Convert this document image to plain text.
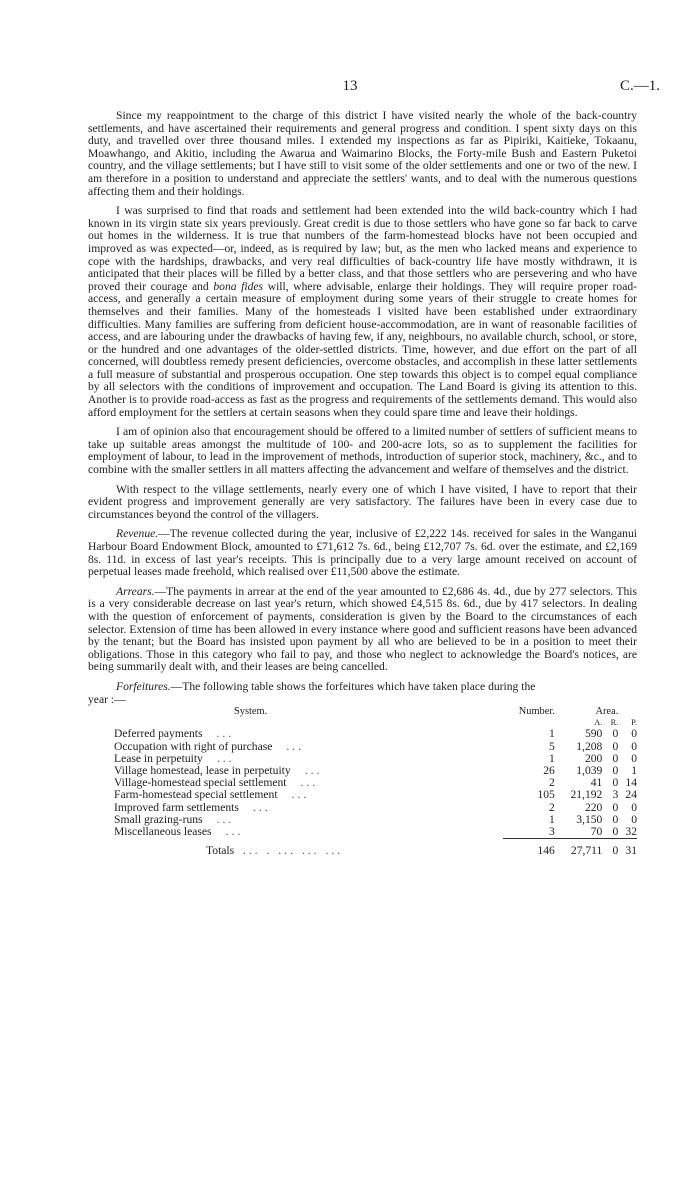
13	C.—1.

Since my reappointment to the charge of this district I have visited nearly the whole of the back-country settlements, and have ascertained their requirements and general progress and condition. I spent sixty days on this duty, and travelled over three thousand miles. I extended my inspections as far as Pipiriki, Kaitieke, Tokaanu, Moawhango, and Akitio, including the Awarua and Waimarino Blocks, the Forty-mile Bush and Eastern Puketoi country, and the village settlements; but I have still to visit some of the older settlements and one or two of the new. I am therefore in a position to understand and appreciate the settlers' wants, and to deal with the numerous questions affecting them and their holdings.

I was surprised to find that roads and settlement had been extended into the wild back-country which I had known in its virgin state six years previously. Great credit is due to those settlers who have gone so far back to carve out homes in the wilderness. It is true that numbers of the farm-homestead blocks have not been occupied and improved as was expected—or, indeed, as is required by law; but, as the men who lacked means and experience to cope with the hardships, drawbacks, and very real difficulties of back-country life have mostly withdrawn, it is anticipated that their places will be filled by a better class, and that those settlers who are persevering and who have proved their courage and bona fides will, where advisable, enlarge their holdings. They will require proper road-access, and generally a certain measure of employment during some years of their struggle to create homes for themselves and their families. Many of the homesteads I visited have been established under extraordinary difficulties. Many families are suffering from deficient house-accommodation, are in want of reasonable facilities of access, and are labouring under the drawbacks of having few, if any, neighbours, no available church, school, or store, or the hundred and one advantages of the older-settled districts. Time, however, and due effort on the part of all concerned, will doubtless remedy present deficiencies, overcome obstacles, and accomplish in these latter settlements a full measure of substantial and prosperous occupation. One step towards this object is to compel equal compliance by all selectors with the conditions of improvement and occupation. The Land Board is giving its attention to this. Another is to provide road-access as fast as the progress and requirements of the settlements demand. This would also afford employment for the settlers at certain seasons when they could spare time and leave their holdings.

I am of opinion also that encouragement should be offered to a limited number of settlers of sufficient means to take up suitable areas amongst the multitude of 100- and 200-acre lots, so as to supplement the facilities for employment of labour, to lead in the improvement of methods, introduction of superior stock, machinery, &c., and to combine with the smaller settlers in all matters affecting the advancement and welfare of themselves and the district.

With respect to the village settlements, nearly every one of which I have visited, I have to report that their evident progress and improvement generally are very satisfactory. The failures have been in every case due to circumstances beyond the control of the villagers.

Revenue.—The revenue collected during the year, inclusive of £2,222 14s. received for sales in the Wanganui Harbour Board Endowment Block, amounted to £71,612 7s. 6d., being £12,707 7s. 6d. over the estimate, and £2,169 8s. 11d. in excess of last year's receipts. This is principally due to a very large amount received on account of perpetual leases made freehold, which realised over £11,500 above the estimate.

Arrears.—The payments in arrear at the end of the year amounted to £2,686 4s. 4d., due by 277 selectors. This is a very considerable decrease on last year's return, which showed £4,515 8s. 6d., due by 417 selectors. In dealing with the question of enforcement of payments, consideration is given by the Board to the circumstances of each selector. Extension of time has been allowed in every instance where good and sufficient reasons have been advanced by the tenant; but the Board has insisted upon payment by all who are believed to be in a position to meet their obligations. Those in this category who fail to pay, and those who neglect to acknowledge the Board's notices, are being summarily dealt with, and their leases are being cancelled.

Forfeitures.—The following table shows the forfeitures which have taken place during the

year :—
System.	Number.	Area.		
		A.	R.	P.
Deferred payments ...	1	590	0	0
Occupation with right of purchase ...	5	1,208	0	0
Lease in perpetuity ...	1	200	0	0
Village homestead, lease in perpetuity ...	26	1,039	0	1
Village-homestead special settlement ...	2	41	0	14
Farm-homestead special settlement ...	105	21,192	3	24
Improved farm settlements ...	2	220	0	0
Small grazing-runs ...	1	3,150	0	0
Miscellaneous leases ...	3	70	0	32

Totals ... . ... ... ...	146	27,711	0	31
